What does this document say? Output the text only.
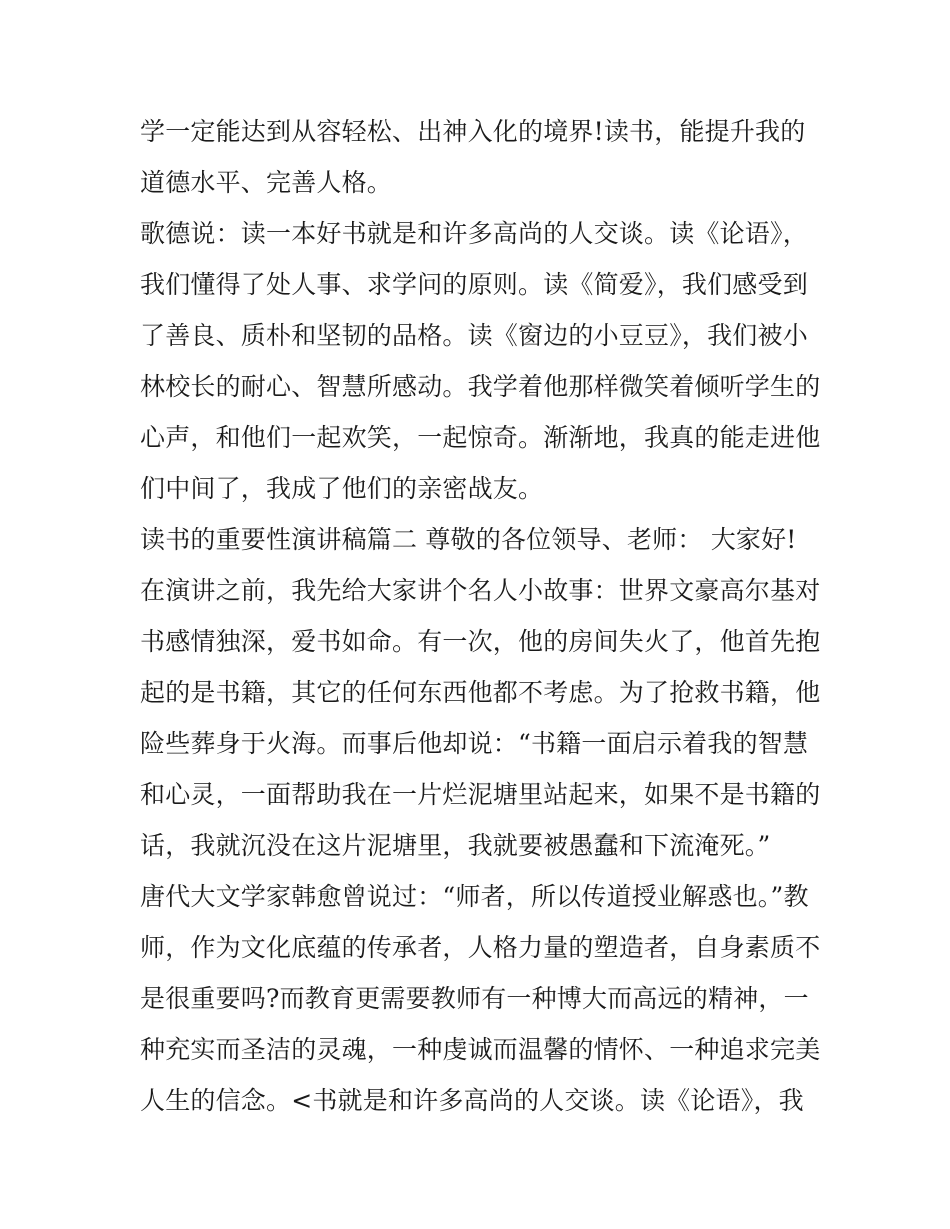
学一定能达到从容轻松、出神入化的境界!读书，能提升我的
道德水平、完善人格。
歌德说：读一本好书就是和许多高尚的人交谈。读《论语》，
我们懂得了处人事、求学问的原则。读《简爱》，我们感受到
了善良、质朴和坚韧的品格。读《窗边的小豆豆》，我们被小
林校长的耐心、智慧所感动。我学着他那样微笑着倾听学生的
心声，和他们一起欢笑，一起惊奇。渐渐地，我真的能走进他
们中间了，我成了他们的亲密战友。
读书的重要性演讲稿篇二 尊敬的各位领导、老师： 大家好!
在演讲之前，我先给大家讲个名人小故事：世界文豪高尔基对
书感情独深，爱书如命。有一次，他的房间失火了，他首先抱
起的是书籍，其它的任何东西他都不考虑。为了抢救书籍，他
险些葬身于火海。而事后他却说：“书籍一面启示着我的智慧
和心灵，一面帮助我在一片烂泥塘里站起来，如果不是书籍的
话，我就沉没在这片泥塘里，我就要被愚蠢和下流淹死。”
唐代大文学家韩愈曾说过：“师者，所以传道授业解惑也。”教
师，作为文化底蕴的传承者，人格力量的塑造者，自身素质不
是很重要吗?而教育更需要教师有一种博大而高远的精神，一
种充实而圣洁的灵魂，一种虔诚而温馨的情怀、一种追求完美
人生的信念。<书就是和许多高尚的人交谈。读《论语》，我
